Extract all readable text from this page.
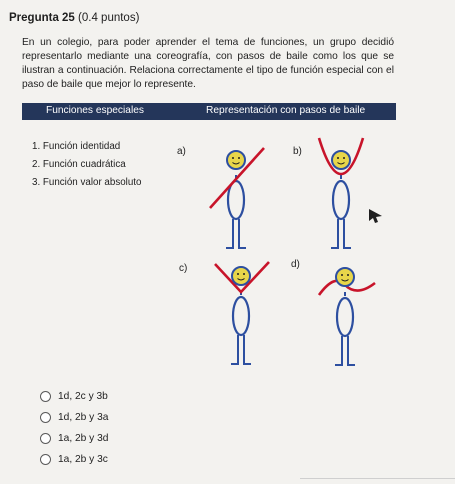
Pregunta 25 (0.4 puntos)
En un colegio, para poder aprender el tema de funciones, un grupo decidió representarlo mediante una coreografía, con pasos de baile como los que se ilustran a continuación. Relaciona correctamente el tipo de función especial con el paso de baile que mejor lo represente.
Funciones especiales	Representación con pasos de baile
1. Función identidad
2. Función cuadrática
3. Función valor absoluto
a)	b)
c)	d)
1d, 2c y 3b
1d, 2b y 3a
1a, 2b y 3d
1a, 2b y 3c
